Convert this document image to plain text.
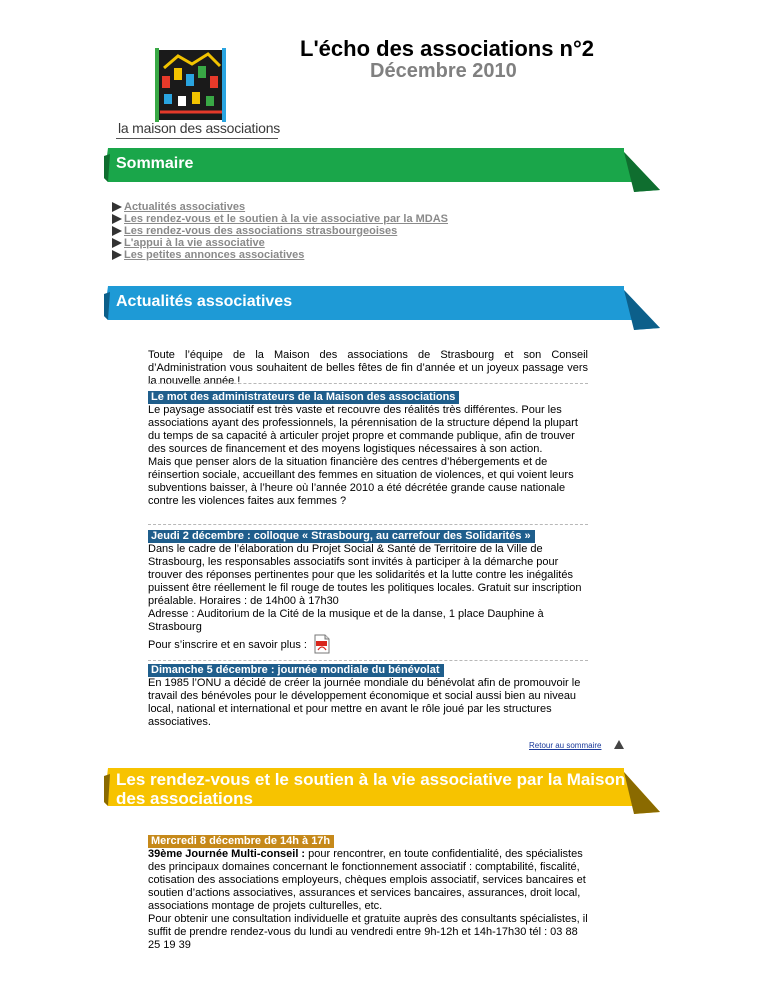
la maison des associations
L'écho des associations n°2
Décembre 2010
Sommaire
Actualités associatives
Les rendez-vous et le soutien à la vie associative par la MDAS
Les rendez-vous des associations strasbourgeoises
L'appui à la vie associative
Les petites annonces associatives
Actualités associatives
Toute l’équipe de la Maison des associations de Strasbourg et son Conseil d’Administration vous souhaitent de belles fêtes de fin d’année et un joyeux passage vers la nouvelle année !
Le mot des administrateurs de la Maison des associations
Le paysage associatif est très vaste et recouvre des réalités très différentes. Pour les associations ayant des professionnels, la pérennisation de la structure dépend la plupart du temps de sa capacité à articuler projet propre et commande publique, afin de trouver des sources de financement et des moyens logistiques nécessaires à son action.
Mais que penser alors de la situation financière des centres d’hébergements et de réinsertion sociale, accueillant des femmes en situation de violences, et qui voient leurs subventions baisser, à l’heure où l’année 2010 a été décrétée grande cause nationale contre les violences faites aux femmes ?
Jeudi 2 décembre : colloque « Strasbourg, au carrefour des Solidarités »
Dans le cadre de l’élaboration du Projet Social & Santé de Territoire de la Ville de Strasbourg, les responsables associatifs sont invités à participer à la démarche pour trouver des réponses pertinentes pour que les solidarités et la lutte contre les inégalités puissent être réellement le fil rouge de toutes les politiques locales. Gratuit sur inscription préalable. Horaires : de 14h00 à 17h30
Adresse : Auditorium de la Cité de la musique et de la danse, 1 place Dauphine à Strasbourg
Pour s’inscrire et en savoir plus :
Dimanche 5 décembre : journée mondiale du bénévolat
En 1985 l’ONU a décidé de créer la journée mondiale du bénévolat afin de promouvoir le travail des bénévoles pour le développement économique et social aussi bien au niveau local, national et international et pour mettre en avant le rôle joué par les structures associatives.
Retour au sommaire
Les rendez-vous et le soutien à la vie associative par la Maison des associations
Mercredi 8 décembre de 14h à 17h
39ème Journée Multi-conseil : pour rencontrer, en toute confidentialité, des spécialistes des principaux domaines concernant le fonctionnement associatif : comptabilité, fiscalité, cotisation des associations employeurs, chèques emplois associatif, services bancaires et soutien d’actions associatives, assurances et services bancaires, assurances, droit local, associations montage de projets culturelles, etc.
Pour obtenir une consultation individuelle et gratuite auprès des consultants spécialistes, il suffit de prendre rendez-vous du lundi au vendredi entre 9h-12h et 14h-17h30 tél : 03 88 25 19 39
